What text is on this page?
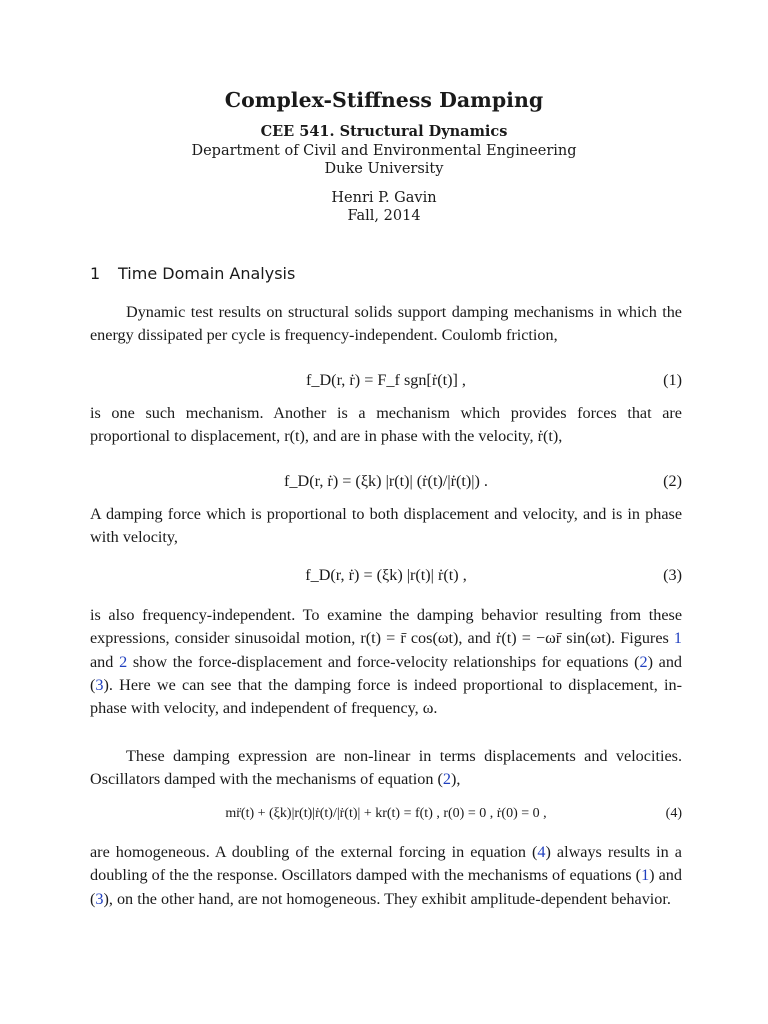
Complex-Stiffness Damping
CEE 541. Structural Dynamics
Department of Civil and Environmental Engineering
Duke University
Henri P. Gavin
Fall, 2014
1 Time Domain Analysis

Dynamic test results on structural solids support damping mechanisms in which the energy dissipated per cycle is frequency-independent. Coulomb friction,

f_D(r, ṙ) = F_f sgn[ṙ(t)] ,	(1)

is one such mechanism. Another is a mechanism which provides forces that are proportional to displacement, r(t), and are in phase with the velocity, ṙ(t),

f_D(r, ṙ) = (ξk) |r(t)| (ṙ(t)/|ṙ(t)|) .	(2)

A damping force which is proportional to both displacement and velocity, and is in phase with velocity,

f_D(r, ṙ) = (ξk) |r(t)| ṙ(t) ,	(3)

is also frequency-independent. To examine the damping behavior resulting from these expressions, consider sinusoidal motion, r(t) = r̄ cos(ωt), and ṙ(t) = −ωr̄ sin(ωt). Figures 1 and 2 show the force-displacement and force-velocity relationships for equations (2) and (3). Here we can see that the damping force is indeed proportional to displacement, in-phase with velocity, and independent of frequency, ω.

These damping expression are non-linear in terms displacements and velocities. Oscillators damped with the mechanisms of equation (2),

mr̈(t) + (ξk)|r(t)|ṙ(t)/|ṙ(t)| + kr(t) = f(t) , r(0) = 0 , ṙ(0) = 0 ,	(4)

are homogeneous. A doubling of the external forcing in equation (4) always results in a doubling of the the response. Oscillators damped with the mechanisms of equations (1) and (3), on the other hand, are not homogeneous. They exhibit amplitude-dependent behavior.
